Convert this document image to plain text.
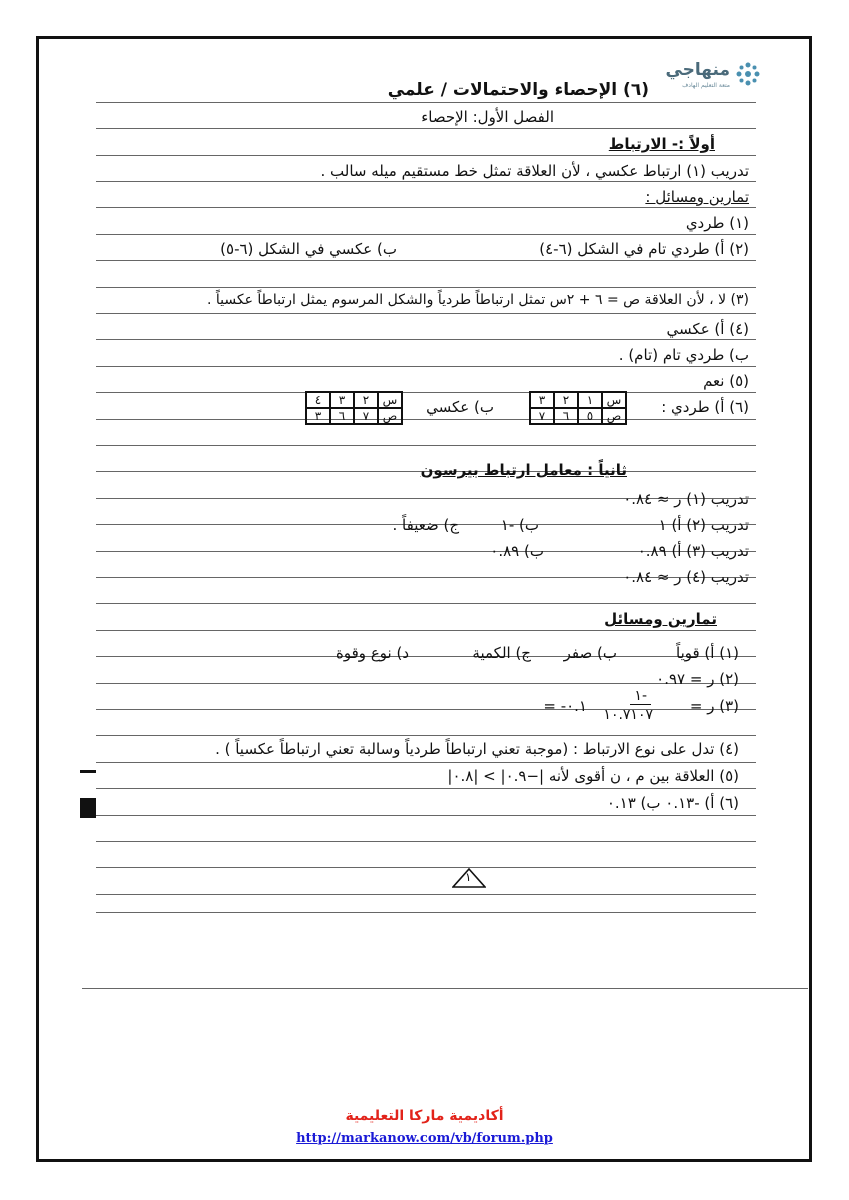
منهاجي
متعة التعليم الهادف
(٦) الإحصاء والاحتمالات / علمي
الفصل الأول: الإحصاء
أولاً :- الارتباط
تدريب (١) ارتباط عكسي ، لأن العلاقة تمثل خط مستقيم ميله سالب .
تمارين ومسائل :
(١) طردي
(٢) أ) طردي تام في الشكل (٦-٤)
ب) عكسي في الشكل (٦-٥)
(٣) لا ، لأن العلاقة ص = ٦ + ٢س تمثل ارتباطاً طردياً والشكل المرسوم يمثل ارتباطاً عكسياً .
(٤) أ) عكسي
ب) طردي تام (تام) .
(٥) نعم
(٦) أ) طردي :
س	١	٢	٣
ص	٥	٦	٧
ب) عكسي
س	٢	٣	٤
ص	٧	٦	٣
ثانياً : معامل ارتباط بيرسون
تدريب (١) ر ≈ ٠.٨٤
تدريب (٢) أ) ١
ب) -١
ج) ضعيفاً .
تدريب (٣) أ) ٠.٨٩
ب) ٠.٨٩
تدريب (٤) ر ≈ ٠.٨٤
تمارين ومسائل
(١) أ) قوياً
ب) صفر
ج) الكمية
د) نوع وقوة
(٢) ر = ٠.٩٧
(٣) ر =
١-
١٠.٧١٠٧
= -٠.١
(٤) تدل على نوع الارتباط : (موجبة تعني ارتباطاً طردياً وسالبة تعني ارتباطاً عكسياً ) .
(٥) العلاقة بين م ، ن أقوى لأنه |−٠.٩| > |٠.٨|
(٦) أ) -٠.١٣ ب) ٠.١٣
١
أكاديمية ماركا التعليمية
http://markanow.com/vb/forum.php
